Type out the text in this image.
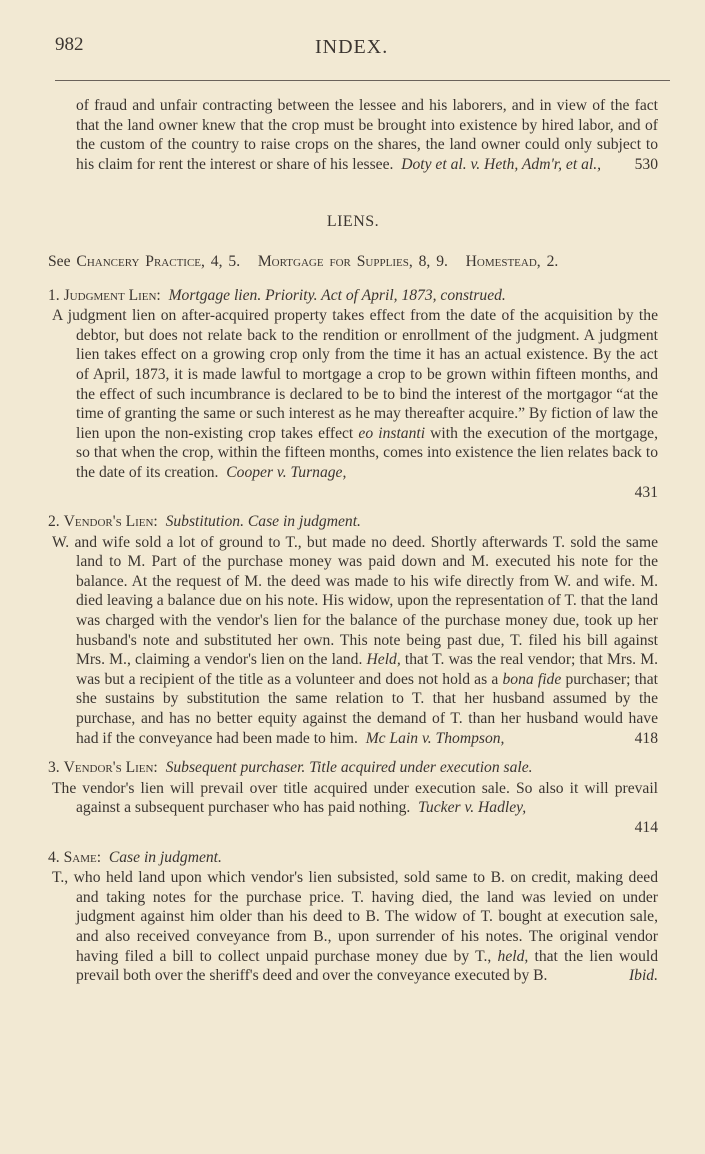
982	INDEX.
of fraud and unfair contracting between the lessee and his laborers, and in view of the fact that the land owner knew that the crop must be brought into existence by hired labor, and of the custom of the country to raise crops on the shares, the land owner could only subject to his claim for rent the interest or share of his lessee. Doty et al. v. Heth, Adm'r, et al.,	530
LIENS.
See Chancery Practice, 4, 5. Mortgage for Supplies, 8, 9. Homestead, 2.
1. Judgment Lien: Mortgage lien. Priority. Act of April, 1873, construed.
A judgment lien on after-acquired property takes effect from the date of the acquisition by the debtor, but does not relate back to the rendition or enrollment of the judgment. A judgment lien takes effect on a growing crop only from the time it has an actual existence. By the act of April, 1873, it is made lawful to mortgage a crop to be grown within fifteen months, and the effect of such incumbrance is declared to be to bind the interest of the mortgagor “at the time of granting the same or such interest as he may thereafter acquire.” By fiction of law the lien upon the non-existing crop takes effect eo instanti with the execution of the mortgage, so that when the crop, within the fifteen months, comes into existence the lien relates back to the date of its creation. Cooper v. Turnage,
431
2. Vendor's Lien: Substitution. Case in judgment.
W. and wife sold a lot of ground to T., but made no deed. Shortly afterwards T. sold the same land to M. Part of the purchase money was paid down and M. executed his note for the balance. At the request of M. the deed was made to his wife directly from W. and wife. M. died leaving a balance due on his note. His widow, upon the representation of T. that the land was charged with the vendor's lien for the balance of the purchase money due, took up her husband's note and substituted her own. This note being past due, T. filed his bill against Mrs. M., claiming a vendor's lien on the land. Held, that T. was the real vendor; that Mrs. M. was but a recipient of the title as a volunteer and does not hold as a bona fide purchaser; that she sustains by substitution the same relation to T. that her husband assumed by the purchase, and has no better equity against the demand of T. than her husband would have had if the conveyance had been made to him. Mc Lain v. Thompson,	418
3. Vendor's Lien: Subsequent purchaser. Title acquired under execution sale.
The vendor's lien will prevail over title acquired under execution sale. So also it will prevail against a subsequent purchaser who has paid nothing. Tucker v. Hadley,
414
4. Same: Case in judgment.
T., who held land upon which vendor's lien subsisted, sold same to B. on credit, making deed and taking notes for the purchase price. T. having died, the land was levied on under judgment against him older than his deed to B. The widow of T. bought at execution sale, and also received conveyance from B., upon surrender of his notes. The original vendor having filed a bill to collect unpaid purchase money due by T., held, that the lien would prevail both over the sheriff's deed and over the conveyance executed by B.	Ibid.
